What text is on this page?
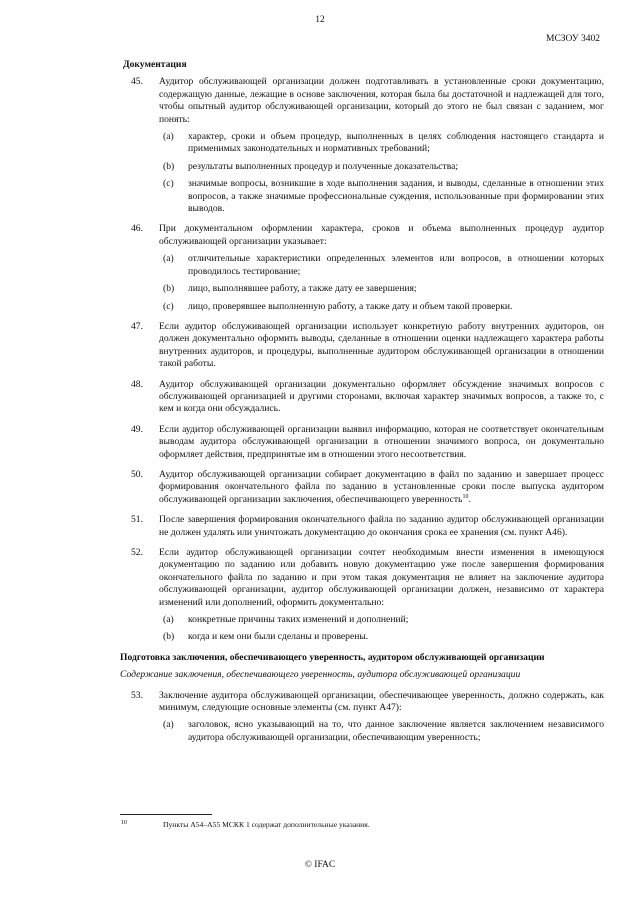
12
МСЗОУ 3402
Документация
45. Аудитор обслуживающей организации должен подготавливать в установленные сроки документацию, содержащую данные, лежащие в основе заключения, которая была бы достаточной и надлежащей для того, чтобы опытный аудитор обслуживающей организации, который до этого не был связан с заданием, мог понять:
(a) характер, сроки и объем процедур, выполненных в целях соблюдения настоящего стандарта и применимых законодательных и нормативных требований;
(b) результаты выполненных процедур и полученные доказательства;
(c) значимые вопросы, возникшие в ходе выполнения задания, и выводы, сделанные в отношении этих вопросов, а также значимые профессиональные суждения, использованные при формировании этих выводов.
46. При документальном оформлении характера, сроков и объема выполненных процедур аудитор обслуживающей организации указывает:
(a) отличительные характеристики определенных элементов или вопросов, в отношении которых проводилось тестирование;
(b) лицо, выполнявшее работу, а также дату ее завершения;
(c) лицо, проверявшее выполненную работу, а также дату и объем такой проверки.
47. Если аудитор обслуживающей организации использует конкретную работу внутренних аудиторов, он должен документально оформить выводы, сделанные в отношении оценки надлежащего характера работы внутренних аудиторов, и процедуры, выполненные аудитором обслуживающей организации в отношении такой работы.
48. Аудитор обслуживающей организации документально оформляет обсуждение значимых вопросов с обслуживающей организацией и другими сторонами, включая характер значимых вопросов, а также то, с кем и когда они обсуждались.
49. Если аудитор обслуживающей организации выявил информацию, которая не соответствует окончательным выводам аудитора обслуживающей организации в отношении значимого вопроса, он документально оформляет действия, предпринятые им в отношении этого несоответствия.
50. Аудитор обслуживающей организации собирает документацию в файл по заданию и завершает процесс формирования окончательного файла по заданию в установленные сроки после выпуска аудитором обслуживающей организации заключения, обеспечивающего уверенность$^{10}$.
51. После завершения формирования окончательного файла по заданию аудитор обслуживающей организации не должен удалять или уничтожать документацию до окончания срока ее хранения (см. пункт A46).
52. Если аудитор обслуживающей организации сочтет необходимым внести изменения в имеющуюся документацию по заданию или добавить новую документацию уже после завершения формирования окончательного файла по заданию и при этом такая документация не влияет на заключение аудитора обслуживающей организации, аудитор обслуживающей организации должен, независимо от характера изменений или дополнений, оформить документально:
(a) конкретные причины таких изменений и дополнений;
(b) когда и кем они были сделаны и проверены.
Подготовка заключения, обеспечивающего уверенность, аудитором обслуживающей организации
Содержание заключения, обеспечивающего уверенность, аудитора обслуживающей организации
53. Заключение аудитора обслуживающей организации, обеспечивающее уверенность, должно содержать, как минимум, следующие основные элементы (см. пункт A47):
(a) заголовок, ясно указывающий на то, что данное заключение является заключением независимого аудитора обслуживающей организации, обеспечивающим уверенность;
10	Пункты A54–A55 МСКК 1 содержат дополнительные указания.
© IFAC
